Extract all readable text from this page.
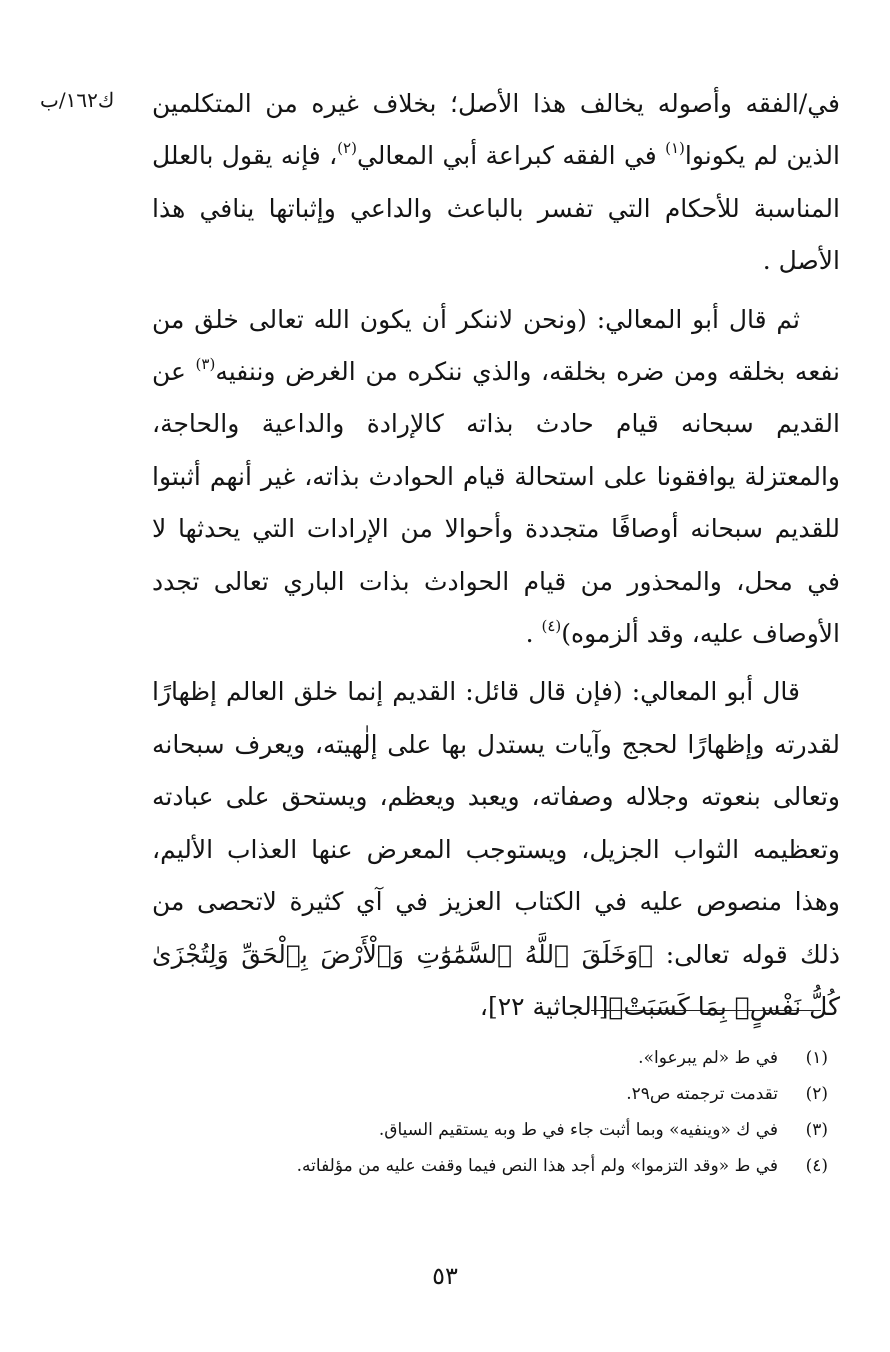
ك١٦٢/ب في/الفقه وأصوله يخالف هذا الأصل؛ بخلاف غيره من المتكلمين الذين لم يكونوا$^{(١)}$ في الفقه كبراعة أبي المعالي$^{(٢)}$، فإنه يقول بالعلل المناسبة للأحكام التي تفسر بالباعث والداعي وإثباتها ينافي هذا الأصل .

ثم قال أبو المعالي: (ونحن لاننكر أن يكون الله تعالى خلق من نفعه بخلقه ومن ضره بخلقه، والذي ننكره من الغرض وننفيه$^{(٣)}$ عن القديم سبحانه قيام حادث بذاته كالإرادة والداعية والحاجة، والمعتزلة يوافقونا على استحالة قيام الحوادث بذاته، غير أنهم أثبتوا للقديم سبحانه أوصافًا متجددة وأحوالا من الإرادات التي يحدثها لا في محل، والمحذور من قيام الحوادث بذات الباري تعالى تجدد الأوصاف عليه، وقد ألزموه)$^{(٤)}$ .

قال أبو المعالي: (فإن قال قائل: القديم إنما خلق العالم إظهارًا لقدرته وإظهارًا لحجج وآيات يستدل بها على إلٰهيته، ويعرف سبحانه وتعالى بنعوته وجلاله وصفاته، ويعبد ويعظم، ويستحق على عبادته وتعظيمه الثواب الجزيل، ويستوجب المعرض عنها العذاب الأليم، وهذا منصوص عليه في الكتاب العزيز في آي كثيرة لاتحصى من ذلك قوله تعالى: ﴿وَخَلَقَ ٱللَّهُ ٱلسَّمَٰوَٰتِ وَٱلْأَرْضَ بِٱلْحَقِّ وَلِتُجْزَىٰ كُلُّ نَفْسٍۭ بِمَا كَسَبَتْ﴾[الجاثية ٢٢]،

(١)
في ط «لم يبرعوا».
(٢)
تقدمت ترجمته ص٢٩.
(٣)
في ك «وينفيه» وبما أثبت جاء في ط وبه يستقيم السياق.
(٤)
في ط «وقد التزموا» ولم أجد هذا النص فيما وقفت عليه من مؤلفاته.
٥٣
